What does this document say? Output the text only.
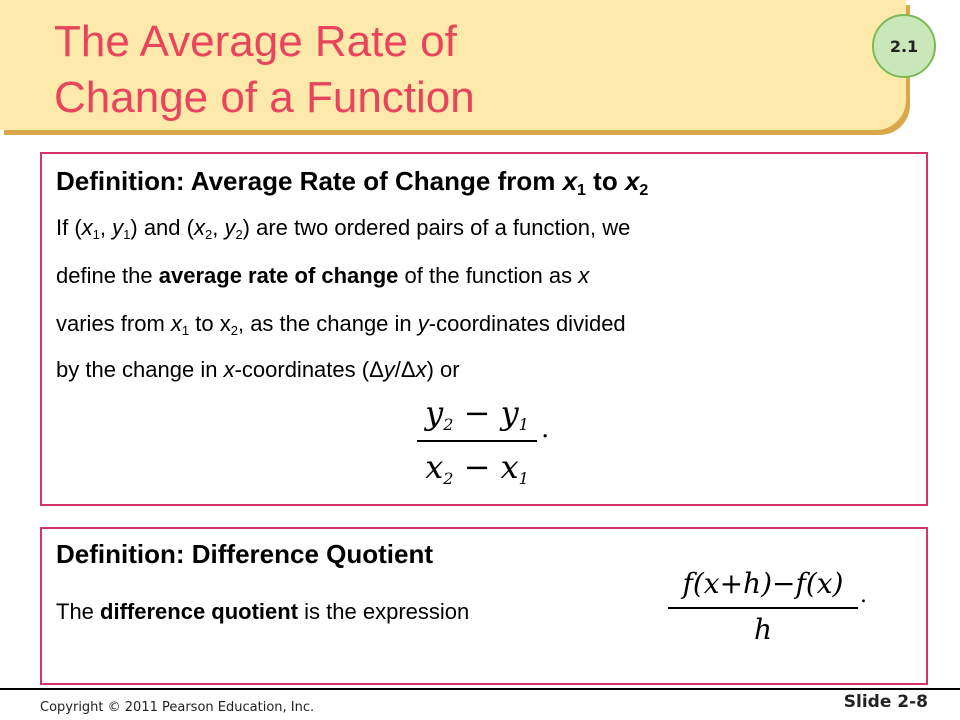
The Average Rate of
Change of a Function
2.1
Definition: Average Rate of Change from $x_1$ to $x_2$
If ($x_1$, $y_1$) and ($x_2$, $y_2$) are two ordered pairs of a function, we
define the average rate of change of the function as x
varies from $x_1$ to $x_2$, as the change in y-coordinates divided
by the change in x-coordinates (Δy/Δx) or
$y_2 - y_1$
$x_2 - x_1$
.
Definition: Difference Quotient
The difference quotient is the expression
f(x+h)−f(x)
h
.
Copyright © 2011 Pearson Education, Inc.	Slide 2-8
